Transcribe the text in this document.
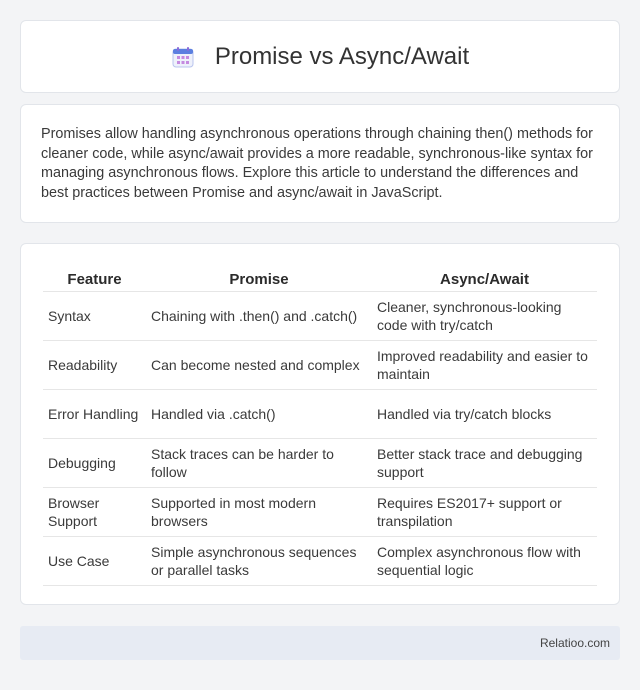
Promise vs Async/Await

Promises allow handling asynchronous operations through chaining then() methods for cleaner code, while async/await provides a more readable, synchronous-like syntax for managing asynchronous flows. Explore this article to understand the differences and best practices between Promise and async/await in JavaScript.

Feature	Promise	Async/Await
Syntax	Chaining with .then() and .catch()	Cleaner, synchronous-looking code with try/catch
Readability	Can become nested and complex	Improved readability and easier to maintain
Error Handling	Handled via .catch()	Handled via try/catch blocks
Debugging	Stack traces can be harder to follow	Better stack trace and debugging support
Browser Support	Supported in most modern browsers	Requires ES2017+ support or transpilation
Use Case	Simple asynchronous sequences or parallel tasks	Complex asynchronous flow with sequential logic
Relatioo.com
